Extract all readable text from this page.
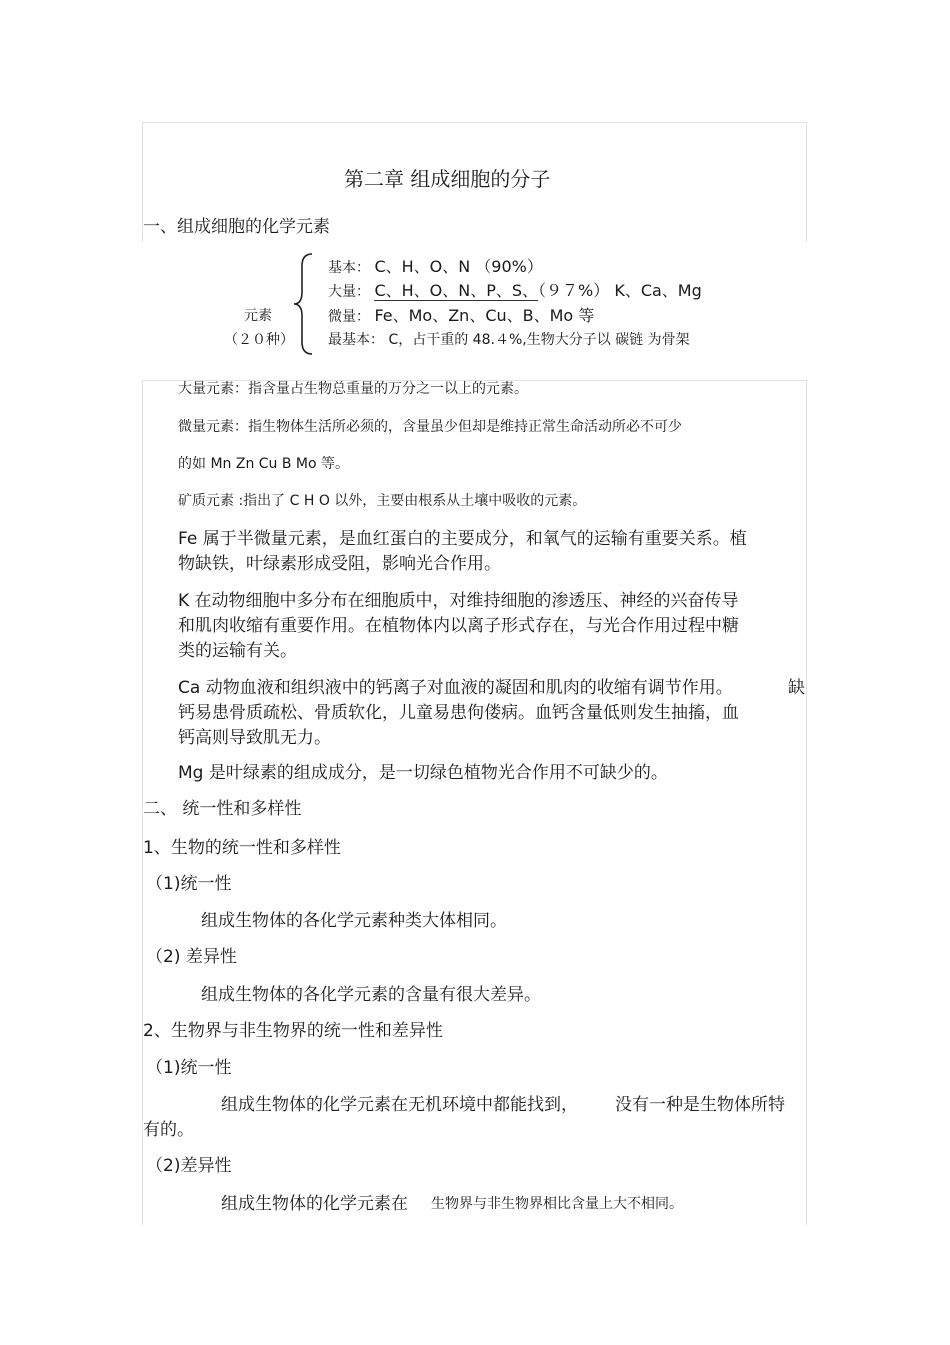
第二章 组成细胞的分子
一、组成细胞的化学元素
元素
（２０种）
基本： C、H、O、N （90%）
大量： C、H、O、N、P、S、（９７%） K、Ca、Mg
微量： Fe、Mo、Zn、Cu、B、Mo 等
最基本： C，占干重的 48.４%,生物大分子以 碳链 为骨架
大量元素：指含量占生物总重量的万分之一以上的元素。
微量元素：指生物体生活所必须的，含量虽少但却是维持正常生命活动所必不可少
的如 Mn Zn Cu B Mo 等。
矿质元素 :指出了 C H O 以外，主要由根系从土壤中吸收的元素。
Fe 属于半微量元素，是血红蛋白的主要成分，和氧气的运输有重要关系。植
物缺铁，叶绿素形成受阻，影响光合作用。
K 在动物细胞中多分布在细胞质中，对维持细胞的渗透压、神经的兴奋传导
和肌肉收缩有重要作用。在植物体内以离子形式存在，与光合作用过程中糖
类的运输有关。
Ca 动物血液和组织液中的钙离子对血液的凝固和肌肉的收缩有调节作用。
钙易患骨质疏松、骨质软化，儿童易患佝偻病。血钙含量低则发生抽搐，血
钙高则导致肌无力。
缺
Mg 是叶绿素的组成成分，是一切绿色植物光合作用不可缺少的。
二、 统一性和多样性
1、生物的统一性和多样性
（1)统一性
组成生物体的各化学元素种类大体相同。
（2) 差异性
组成生物体的各化学元素的含量有很大差异。
2、生物界与非生物界的统一性和差异性
（1)统一性
组成生物体的化学元素在无机环境中都能找到， 没有一种是生物体所特
有的。
（2)差异性
组成生物体的化学元素在 生物界与非生物界相比含量上大不相同。
